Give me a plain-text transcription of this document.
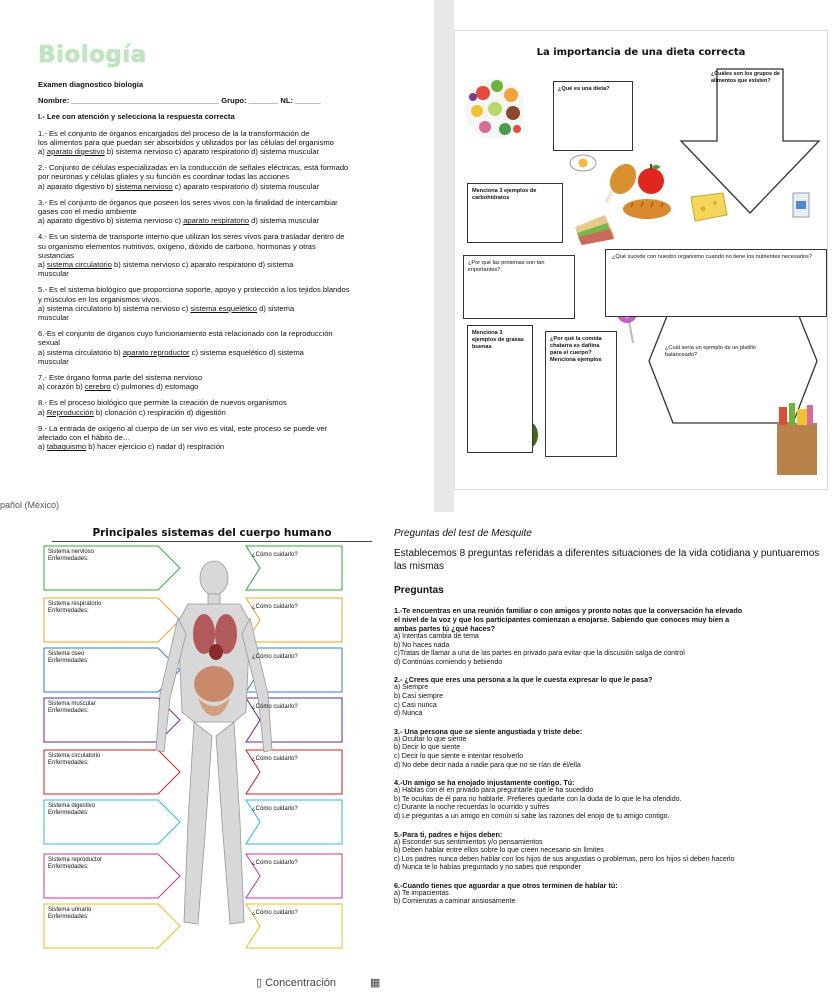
Biología

Examen diagnostico biología

Nombre: ___________________________________ Grupo: _______ NL: ______

I.- Lee con atención y selecciona la respuesta correcta

1.- Es el conjunto de órganos encargados del proceso de la la transformación de

los alimentos para que puedan ser absorbidos y utilizados por las células del organismo

a) aparato digestivo b) sistema nervioso c) aparato respiratorio d) sistema muscular

2.- Conjunto de células especializadas en la conducción de señales eléctricas, está formado

por neuronas y células gliales y su función es coordinar todas las acciones

a) aparato digestivo b) sistema nervioso c) aparato respiratorio d) sistema muscular

3.- Es el conjunto de órganos que poseen los seres vivos con la finalidad de intercambiar

gases con el medio ambiente

a) aparato digestivo b) sistema nervioso c) aparato respiratorio d) sistema muscular

4.- Es un sistema de transporte interno que utilizan los seres vivos para trasladar dentro de

su organismo elementos nutritivos, oxígeno, dióxido de carbono, hormonas y otras

sustancias

a) sistema circulatorio b) sistema nervioso c) aparato respiratorio d) sistema

muscular

5.- Es el sistema biológico que proporciona soporte, apoyo y protección a los tejidos blandos

y músculos en los organismos vivos.

a) sistema circulatorio b) sistema nervioso c) sistema esquelético d) sistema

muscular

6.-Es el conjunto de órganos cuyo funcionamiento está relacionado con la reproducción

sexual

a) sistema circulatorio b) aparato reproductor c) sistema esquelético d) sistema

muscular

7.- Este órgano forma parte del sistema nervioso

a) corazón b) cerebro c) pulmones d) estomago

8.- Es el proceso biológico que permite la creación de nuevos organismos

a) Reproducción b) clonación c) respiración d) digestión

9.- La entrada de oxígeno al cuerpo de un ser vivo es vital, este proceso se puede ver

afectado con el hábito de…

a) tabaquismo b) hacer ejercicio c) nadar d) respiración

pañol (México)
La importancia de una dieta correcta
¿Qué es una dieta?
¿Cuáles son los grupos de alimentos que existen?
Menciona 3 ejemplos de carbohidratos
¿Por qué las proteínas son tan importantes?
¿Qué sucede con nuestro organismo cuando no tiene los nutrientes necesarios?
Menciona 3 ejemplos de grasas buenas
¿Por qué la comida chatarra es dañina para el cuerpo? Menciona ejemplos
¿Cuál sería un ejemplo de un platillo balanceado?
Principales sistemas del cuerpo humano
Sistema nervioso
Enfermedades:
¿Cómo cuidarlo?
Sistema respiratorio
Enfermedades:
¿Cómo cuidarlo?
Sistema óseo
Enfermedades:
¿Cómo cuidarlo?
Sistema muscular
Enfermedades:
¿Cómo cuidarlo?
Sistema circulatorio
Enfermedades:
¿Cómo cuidarlo?
Sistema digestivo
Enfermedades:
¿Cómo cuidarlo?
Sistema reproductor
Enfermedades:
¿Cómo cuidarlo?
Sistema urinario
Enfermedades:
¿Cómo cuidarlo?
▯ Concentración	▦

Preguntas del test de Mesquite

Establecemos 8 preguntas referidas a diferentes situaciones de la vida cotidiana y puntuaremos las mismas

Preguntas

1.-Te encuentras en una reunión familiar o con amigos y pronto notas que la conversación ha elevado

el nivel de la voz y que los participantes comienzan a enojarse. Sabiendo que conoces muy bien a

ambas partes tú ¿qué haces?

a) Intentas cambia de tema

b) No haces nada

c)Tratas de llamar a una de las partes en privado para evitar que la discusión salga de control

d) Continúas comiendo y bebiendo

2.- ¿Crees que eres una persona a la que le cuesta expresar lo que le pasa?

a) Siempre

b) Casi siempre

c) Casi nunca

d) Nunca

3.- Una persona que se siente angustiada y triste debe:

a) Ocultar lo que siente

b) Decir lo que siente

c) Decir lo que siente e intentar resolverlo

d) No debe decir nada a nadie para que no se rían de él/ella

4.-Un amigo se ha enojado injustamente contigo. Tú:

a) Hablas con él en privado para preguntarle qué le ha sucedido

b) Te ocultas de él para no hablarle. Prefieres quedarte con la duda de lo que le ha ofendido.

c) Durante la noche recuerdas lo ocurrido y sufres

d) Le preguntas a un amigo en común si sabe las razones del enojo de tu amigo contigo.

5.-Para ti, padres e hijos deben:

a) Esconder sus sentimientos y/o pensamientos

b) Deben hablar entre ellos sobre lo que creen necesario sin límites

c) Los padres nunca deben hablar con los hijos de sus angustias o problemas, pero los hijos sí deben hacerlo

d) Nunca te lo habías preguntado y no sabes qué responder

6.-Cuando tienes que aguardar a que otros terminen de hablar tú:

a) Te impacientas

b) Comienzas a caminar ansiosamente
